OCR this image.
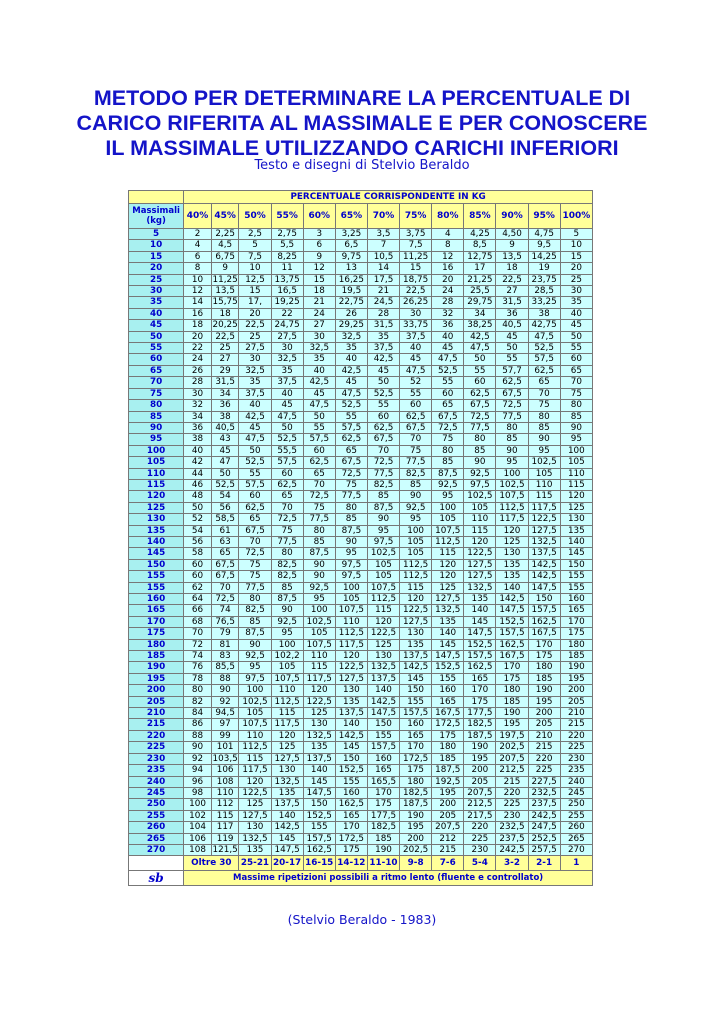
METODO PER DETERMINARE LA PERCENTUALE DI
CARICO RIFERITA AL MASSIMALE E PER CONOSCERE
IL MASSIMALE UTILIZZANDO CARICHI INFERIORI
Testo e disegni di Stelvio Beraldo
	PERCENTUALE CORRISPONDENTE IN KG												

Massimali
(kg)	40%	45%	50%	55%	60%	65%	70%	75%	80%	85%	90%	95%	100%
5	2	2,25	2,5	2,75	3	3,25	3,5	3,75	4	4,25	4,50	4,75	5
10	4	4,5	5	5,5	6	6,5	7	7,5	8	8,5	9	9,5	10
15	6	6,75	7,5	8,25	9	9,75	10,5	11,25	12	12,75	13,5	14,25	15
20	8	9	10	11	12	13	14	15	16	17	18	19	20
25	10	11,25	12,5	13,75	15	16,25	17,5	18,75	20	21,25	22,5	23,75	25
30	12	13,5	15	16,5	18	19,5	21	22,5	24	25,5	27	28,5	30
35	14	15,75	17,	19,25	21	22,75	24,5	26,25	28	29,75	31,5	33,25	35
40	16	18	20	22	24	26	28	30	32	34	36	38	40
45	18	20,25	22,5	24,75	27	29,25	31,5	33,75	36	38,25	40,5	42,75	45
50	20	22,5	25	27,5	30	32,5	35	37,5	40	42,5	45	47,5	50
55	22	25	27,5	30	32,5	35	37,5	40	45	47,5	50	52,5	55
60	24	27	30	32,5	35	40	42,5	45	47,5	50	55	57,5	60
65	26	29	32,5	35	40	42,5	45	47,5	52,5	55	57,7	62,5	65
70	28	31,5	35	37,5	42,5	45	50	52	55	60	62,5	65	70
75	30	34	37,5	40	45	47,5	52,5	55	60	62,5	67,5	70	75
80	32	36	40	45	47,5	52,5	55	60	65	67,5	72,5	75	80
85	34	38	42,5	47,5	50	55	60	62,5	67,5	72,5	77,5	80	85
90	36	40,5	45	50	55	57,5	62,5	67,5	72,5	77,5	80	85	90
95	38	43	47,5	52,5	57,5	62,5	67,5	70	75	80	85	90	95
100	40	45	50	55,5	60	65	70	75	80	85	90	95	100
105	42	47	52,5	57,5	62,5	67,5	72,5	77,5	85	90	95	102,5	105
110	44	50	55	60	65	72,5	77,5	82,5	87,5	92,5	100	105	110
115	46	52,5	57,5	62,5	70	75	82,5	85	92,5	97,5	102,5	110	115
120	48	54	60	65	72,5	77,5	85	90	95	102,5	107,5	115	120
125	50	56	62,5	70	75	80	87,5	92,5	100	105	112,5	117,5	125
130	52	58,5	65	72,5	77,5	85	90	95	105	110	117,5	122,5	130
135	54	61	67,5	75	80	87,5	95	100	107,5	115	120	127,5	135
140	56	63	70	77,5	85	90	97,5	105	112,5	120	125	132,5	140
145	58	65	72,5	80	87,5	95	102,5	105	115	122,5	130	137,5	145
150	60	67,5	75	82,5	90	97,5	105	112,5	120	127,5	135	142,5	150
155	60	67,5	75	82,5	90	97,5	105	112,5	120	127,5	135	142,5	155
155	62	70	77,5	85	92,5	100	107,5	115	125	132,5	140	147,5	155
160	64	72,5	80	87,5	95	105	112,5	120	127,5	135	142,5	150	160
165	66	74	82,5	90	100	107,5	115	122,5	132,5	140	147,5	157,5	165
170	68	76,5	85	92,5	102,5	110	120	127,5	135	145	152,5	162,5	170
175	70	79	87,5	95	105	112,5	122,5	130	140	147,5	157,5	167,5	175
180	72	81	90	100	107,5	117,5	125	135	145	152,5	162,5	170	180
185	74	83	92,5	102,2	110	120	130	137,5	147,5	157,5	167,5	175	185
190	76	85,5	95	105	115	122,5	132,5	142,5	152,5	162,5	170	180	190
195	78	88	97,5	107,5	117,5	127,5	137,5	145	155	165	175	185	195
200	80	90	100	110	120	130	140	150	160	170	180	190	200
205	82	92	102,5	112,5	122,5	135	142,5	155	165	175	185	195	205
210	84	94,5	105	115	125	137,5	147,5	157,5	167,5	177,5	190	200	210
215	86	97	107,5	117,5	130	140	150	160	172,5	182,5	195	205	215
220	88	99	110	120	132,5	142,5	155	165	175	187,5	197,5	210	220
225	90	101	112,5	125	135	145	157,5	170	180	190	202,5	215	225
230	92	103,5	115	127,5	137,5	150	160	172,5	185	195	207,5	220	230
235	94	106	117,5	130	140	152,5	165	175	187,5	200	212,5	225	235
240	96	108	120	132,5	145	155	165,5	180	192,5	205	215	227,5	240
245	98	110	122,5	135	147,5	160	170	182,5	195	207,5	220	232,5	245
250	100	112	125	137,5	150	162,5	175	187,5	200	212,5	225	237,5	250
255	102	115	127,5	140	152,5	165	177,5	190	205	217,5	230	242,5	255
260	104	117	130	142,5	155	170	182,5	195	207,5	220	232,5	247,5	260
265	106	119	132,5	145	157,5	172,5	185	200	212	225	237,5	252,5	265
270	108	121,5	135	147,5	162,5	175	190	202,5	215	230	242,5	257,5	270
	Oltre 30		25-21	20-17	16-15	14-12	11-10	9-8	7-6	5-4	3-2	2-1	1
sb	Massime ripetizioni possibili a ritmo lento (fluente e controllato)												
(Stelvio Beraldo - 1983)
